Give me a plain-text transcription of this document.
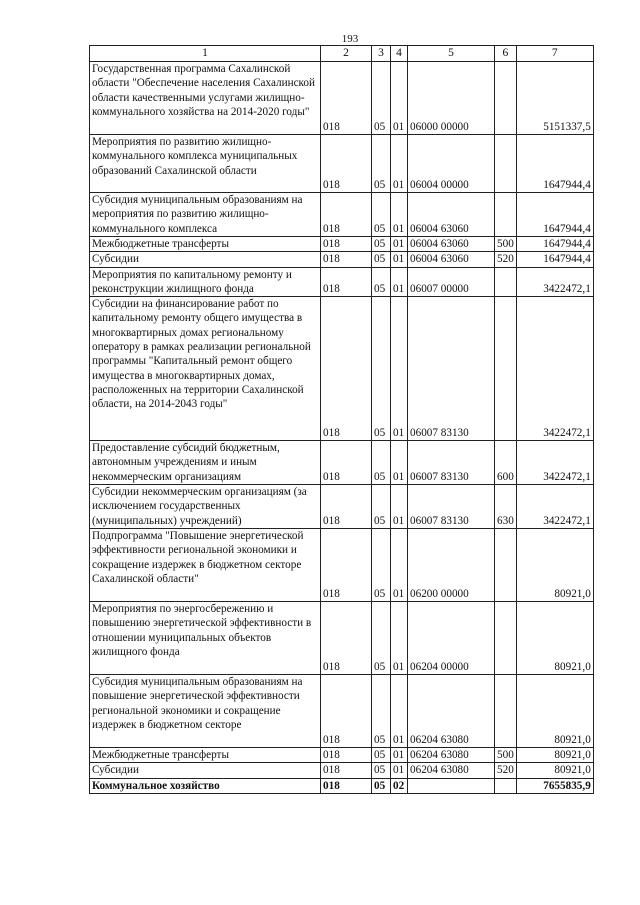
193
1	2	3	4	5	6	7

Государственная программа Сахалинской области "Обеспечение населения Сахалинской области качественными услугами жилищно-коммунального хозяйства на 2014-2020 годы"	018	05	01	06000 00000		5151337,5

Мероприятия по развитию жилищно-коммунального комплекса муниципальных образований Сахалинской области	018	05	01	06004 00000		1647944,4

Субсидия муниципальным образованиям на мероприятия по развитию жилищно-коммунального комплекса	018	05	01	06004 63060		1647944,4

Межбюджетные трансферты	018	05	01	06004 63060	500	1647944,4

Субсидии	018	05	01	06004 63060	520	1647944,4

Мероприятия по капитальному ремонту и реконструкции жилищного фонда	018	05	01	06007 00000		3422472,1

Субсидии на финансирование работ по капитальному ремонту общего имущества в многоквартирных домах региональному оператору в рамках реализации региональной программы "Капитальный ремонт общего имущества в многоквартирных домах, расположенных на территории Сахалинской области, на 2014-2043 годы"	018	05	01	06007 83130		3422472,1

Предоставление субсидий бюджетным, автономным учреждениям и иным некоммерческим организациям	018	05	01	06007 83130	600	3422472,1

Субсидии некоммерческим организациям (за исключением государственных (муниципальных) учреждений)	018	05	01	06007 83130	630	3422472,1

Подпрограмма "Повышение энергетической эффективности региональной экономики и сокращение издержек в бюджетном секторе Сахалинской области"	018	05	01	06200 00000		80921,0

Мероприятия по энергосбережению и повышению энергетической эффективности в отношении муниципальных объектов жилищного фонда	018	05	01	06204 00000		80921,0

Субсидия муниципальным образованиям на повышение энергетической эффективности региональной экономики и сокращение издержек в бюджетном секторе	018	05	01	06204 63080		80921,0

Межбюджетные трансферты	018	05	01	06204 63080	500	80921,0

Субсидии	018	05	01	06204 63080	520	80921,0

Коммунальное хозяйство	018	05	02			7655835,9
